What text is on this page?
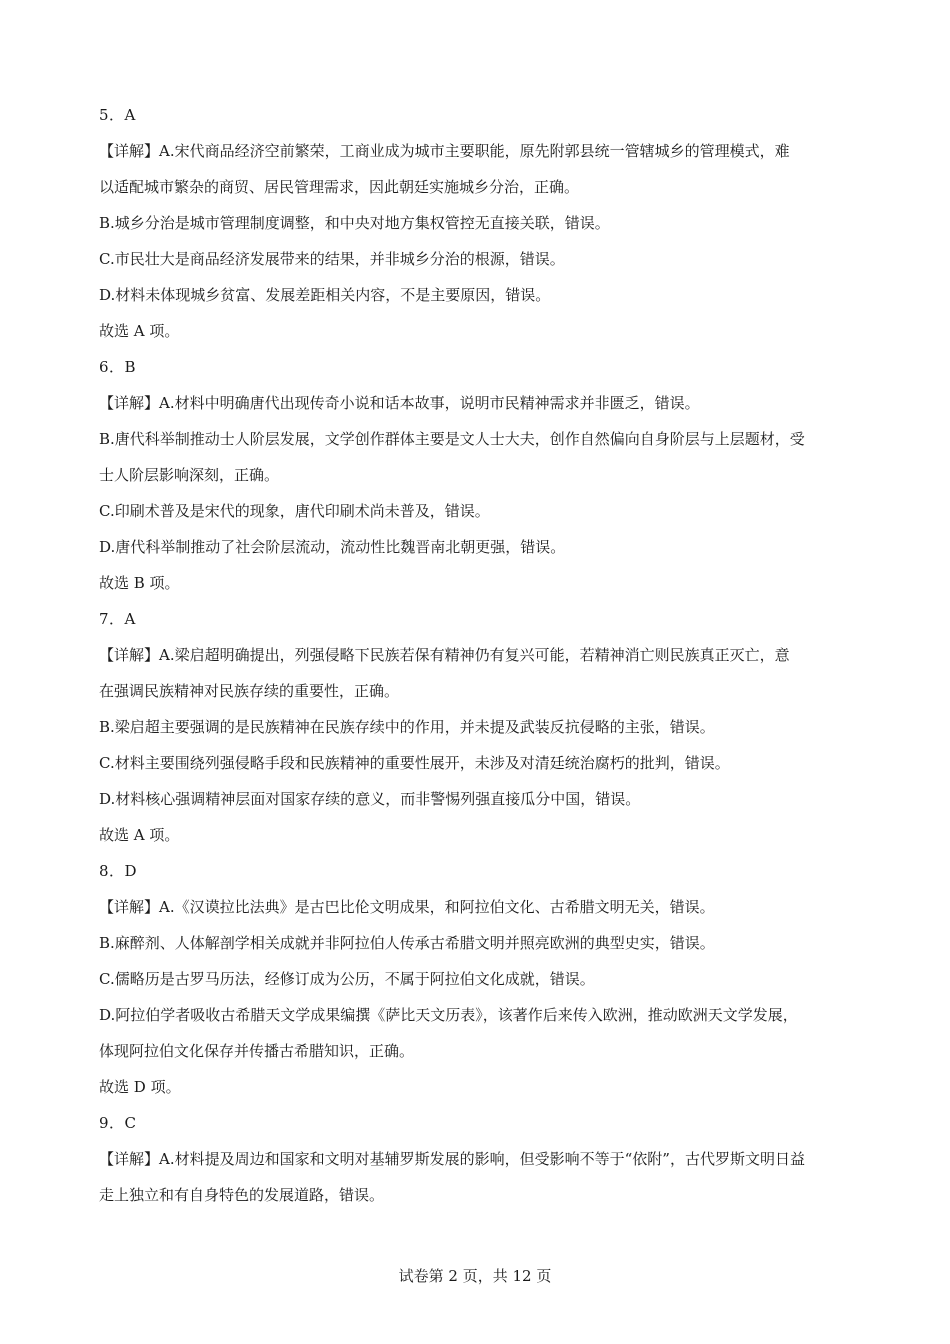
5．A
【详解】A.宋代商品经济空前繁荣，工商业成为城市主要职能，原先附郭县统一管辖城乡的管理模式，难
以适配城市繁杂的商贸、居民管理需求，因此朝廷实施城乡分治，正确。
B.城乡分治是城市管理制度调整，和中央对地方集权管控无直接关联，错误。
C.市民壮大是商品经济发展带来的结果，并非城乡分治的根源，错误。
D.材料未体现城乡贫富、发展差距相关内容，不是主要原因，错误。
故选 A 项。
6．B
【详解】A.材料中明确唐代出现传奇小说和话本故事，说明市民精神需求并非匮乏，错误。
B.唐代科举制推动士人阶层发展，文学创作群体主要是文人士大夫，创作自然偏向自身阶层与上层题材，受
士人阶层影响深刻，正确。
C.印刷术普及是宋代的现象，唐代印刷术尚未普及，错误。
D.唐代科举制推动了社会阶层流动，流动性比魏晋南北朝更强，错误。
故选 B 项。
7．A
【详解】A.梁启超明确提出，列强侵略下民族若保有精神仍有复兴可能，若精神消亡则民族真正灭亡，意
在强调民族精神对民族存续的重要性，正确。
B.梁启超主要强调的是民族精神在民族存续中的作用，并未提及武装反抗侵略的主张，错误。
C.材料主要围绕列强侵略手段和民族精神的重要性展开，未涉及对清廷统治腐朽的批判，错误。
D.材料核心强调精神层面对国家存续的意义，而非警惕列强直接瓜分中国，错误。
故选 A 项。
8．D
【详解】A.《汉谟拉比法典》是古巴比伦文明成果，和阿拉伯文化、古希腊文明无关，错误。
B.麻醉剂、人体解剖学相关成就并非阿拉伯人传承古希腊文明并照亮欧洲的典型史实，错误。
C.儒略历是古罗马历法，经修订成为公历，不属于阿拉伯文化成就，错误。
D.阿拉伯学者吸收古希腊天文学成果编撰《萨比天文历表》，该著作后来传入欧洲，推动欧洲天文学发展，
体现阿拉伯文化保存并传播古希腊知识，正确。
故选 D 项。
9．C
【详解】A.材料提及周边和国家和文明对基辅罗斯发展的影响，但受影响不等于“依附”，古代罗斯文明日益
走上独立和有自身特色的发展道路，错误。
试卷第 2 页，共 12 页
